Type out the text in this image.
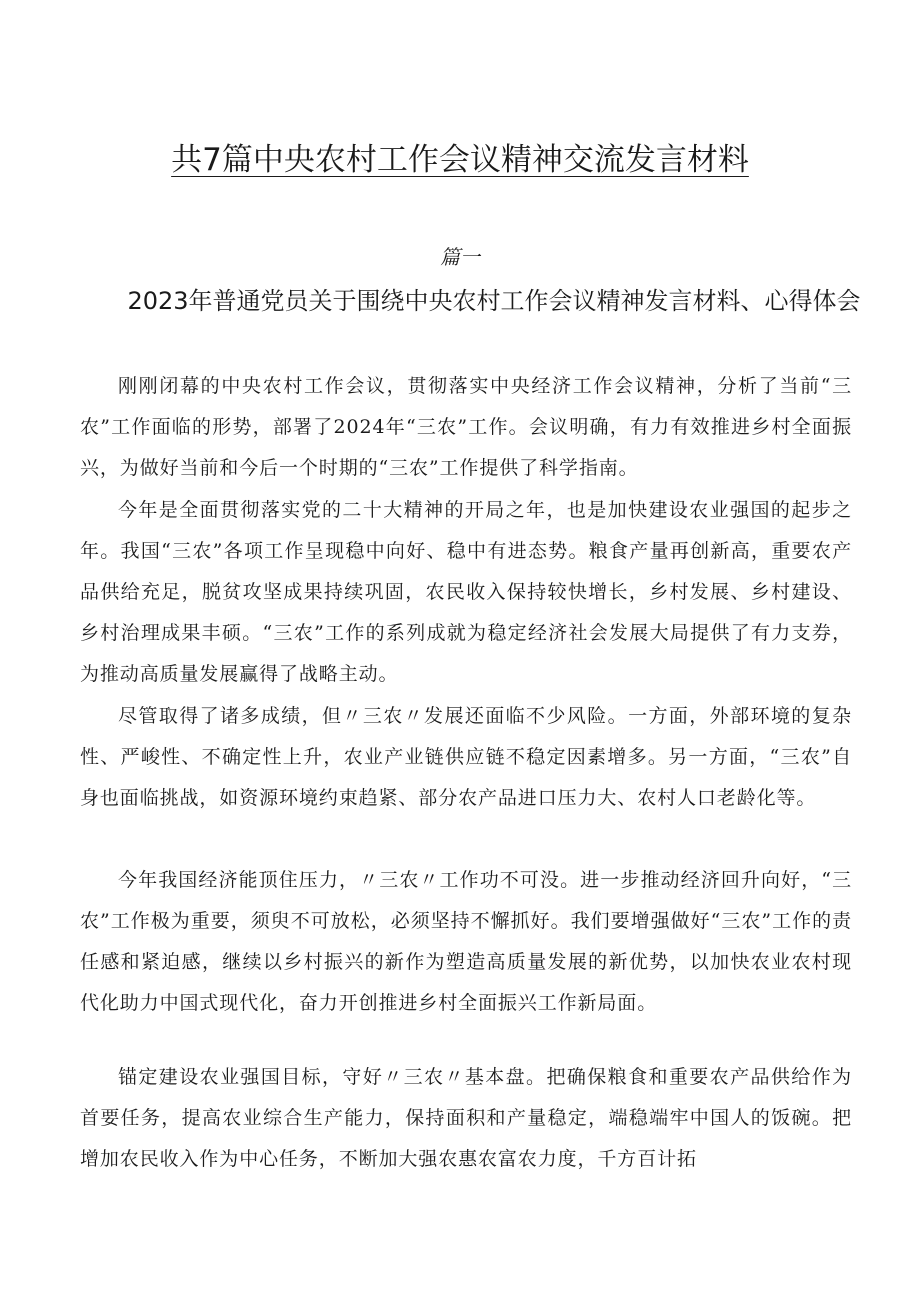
共7篇中央农村工作会议精神交流发言材料

篇一

2023年普通党员关于围绕中央农村工作会议精神发言材料、心得体会

刚刚闭幕的中央农村工作会议，贯彻落实中央经济工作会议精神，分析了当前“三农”工作面临的形势，部署了2024年“三农”工作。会议明确，有力有效推进乡村全面振兴，为做好当前和今后一个时期的“三农”工作提供了科学指南。

今年是全面贯彻落实党的二十大精神的开局之年，也是加快建设农业强国的起步之年。我国“三农”各项工作呈现稳中向好、稳中有进态势。粮食产量再创新高，重要农产品供给充足，脱贫攻坚成果持续巩固，农民收入保持较快增长，乡村发展、乡村建设、乡村治理成果丰硕。“三农”工作的系列成就为稳定经济社会发展大局提供了有力支券，为推动高质量发展赢得了战略主动。

尽管取得了诸多成绩，但〃三农〃发展还面临不少风险。一方面，外部环境的复杂性、严峻性、不确定性上升，农业产业链供应链不稳定因素增多。另一方面，“三农”自身也面临挑战，如资源环境约束趋紧、部分农产品进口压力大、农村人口老龄化等。

今年我国经济能顶住压力，〃三农〃工作功不可没。进一步推动经济回升向好，“三农”工作极为重要，须臾不可放松，必须坚持不懈抓好。我们要增强做好“三农”工作的责任感和紧迫感，继续以乡村振兴的新作为塑造高质量发展的新优势，以加快农业农村现代化助力中国式现代化，奋力开创推进乡村全面振兴工作新局面。

锚定建设农业强国目标，守好〃三农〃基本盘。把确保粮食和重要农产品供给作为首要任务，提高农业综合生产能力，保持面积和产量稳定，端稳端牢中国人的饭碗。把增加农民收入作为中心任务，不断加大强农惠农富农力度，千方百计拓
